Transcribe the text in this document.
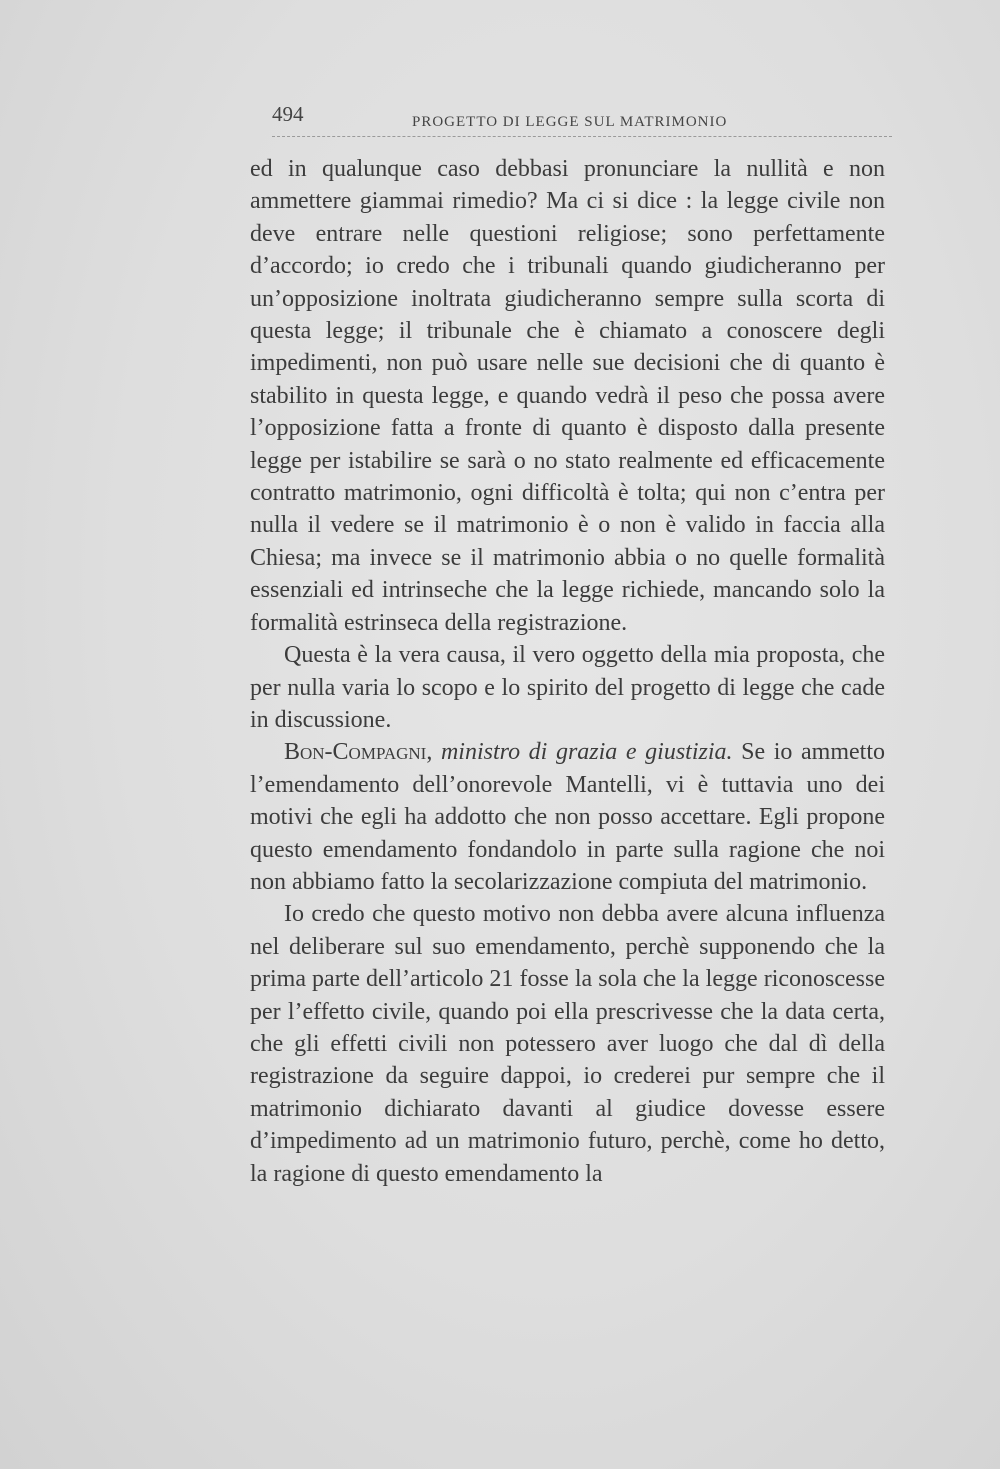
494	PROGETTO DI LEGGE SUL MATRIMONIO

ed in qualunque caso debbasi pronunciare la nullità e non ammettere giammai rimedio? Ma ci si dice : la legge civile non deve entrare nelle questioni religiose; sono perfettamente d’accordo; io credo che i tribunali quando giudicheranno per un’opposizione inoltrata giudicheranno sempre sulla scorta di questa legge; il tribunale che è chiamato a conoscere degli impedimenti, non può usare nelle sue decisioni che di quanto è stabilito in questa legge, e quando vedrà il peso che possa avere l’opposizione fatta a fronte di quanto è disposto dalla presente legge per istabilire se sarà o no stato realmente ed efficacemente contratto matrimonio, ogni difficoltà è tolta; qui non c’entra per nulla il vedere se il matrimonio è o non è valido in faccia alla Chiesa; ma invece se il matrimonio abbia o no quelle formalità essenziali ed intrinseche che la legge richiede, mancando solo la formalità estrinseca della registrazione.

Questa è la vera causa, il vero oggetto della mia proposta, che per nulla varia lo scopo e lo spirito del progetto di legge che cade in discussione.

Bon-Compagni, ministro di grazia e giustizia. Se io ammetto l’emendamento dell’onorevole Mantelli, vi è tuttavia uno dei motivi che egli ha addotto che non posso accettare. Egli propone questo emendamento fondandolo in parte sulla ragione che noi non abbiamo fatto la secolarizzazione compiuta del matrimonio.

Io credo che questo motivo non debba avere alcuna influenza nel deliberare sul suo emendamento, perchè supponendo che la prima parte dell’articolo 21 fosse la sola che la legge riconoscesse per l’effetto civile, quando poi ella prescrivesse che la data certa, che gli effetti civili non potessero aver luogo che dal dì della registrazione da seguire dappoi, io crederei pur sempre che il matrimonio dichiarato davanti al giudice dovesse essere d’impedimento ad un matrimonio futuro, perchè, come ho detto, la ragione di questo emendamento la
